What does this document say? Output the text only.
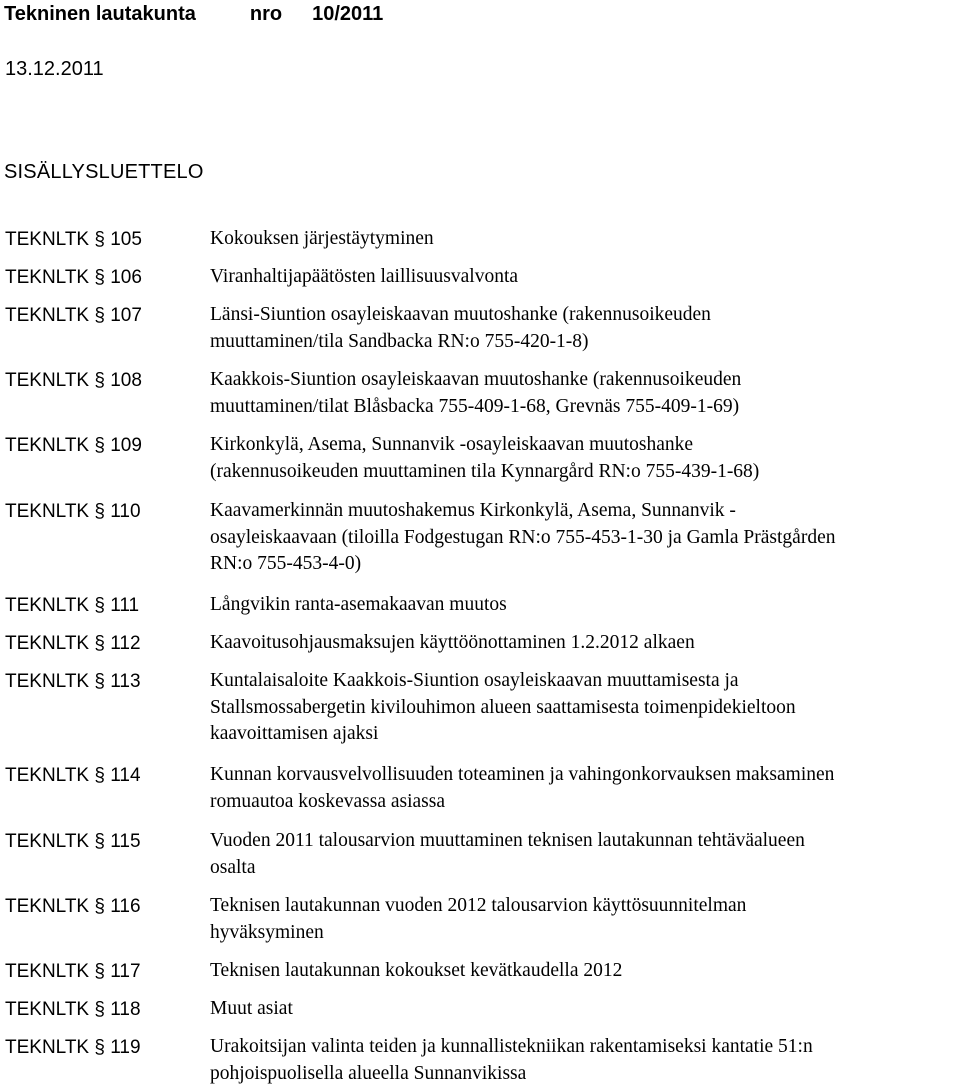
Tekninen lautakunta	nro 10/2011
13.12.2011
SISÄLLYSLUETTELO
TEKNLTK § 105	Kokouksen järjestäytyminen
TEKNLTK § 106	Viranhaltijapäätösten laillisuusvalvonta
TEKNLTK § 107	Länsi-Siuntion osayleiskaavan muutoshanke (rakennusoikeuden
muuttaminen/tila Sandbacka RN:o 755-420-1-8)
TEKNLTK § 108	Kaakkois-Siuntion osayleiskaavan muutoshanke (rakennusoikeuden
muuttaminen/tilat Blåsbacka 755-409-1-68, Grevnäs 755-409-1-69)
TEKNLTK § 109	Kirkonkylä, Asema, Sunnanvik -osayleiskaavan muutoshanke
(rakennusoikeuden muuttaminen tila Kynnargård RN:o 755-439-1-68)
TEKNLTK § 110	Kaavamerkinnän muutoshakemus Kirkonkylä, Asema, Sunnanvik -
osayleiskaavaan (tiloilla Fodgestugan RN:o 755-453-1-30 ja Gamla Prästgården
RN:o 755-453-4-0)
TEKNLTK § 111	Långvikin ranta-asemakaavan muutos
TEKNLTK § 112	Kaavoitusohjausmaksujen käyttöönottaminen 1.2.2012 alkaen
TEKNLTK § 113	Kuntalaisaloite Kaakkois-Siuntion osayleiskaavan muuttamisesta ja
Stallsmossabergetin kivilouhimon alueen saattamisesta toimenpidekieltoon
kaavoittamisen ajaksi
TEKNLTK § 114	Kunnan korvausvelvollisuuden toteaminen ja vahingonkorvauksen maksaminen
romuautoa koskevassa asiassa
TEKNLTK § 115	Vuoden 2011 talousarvion muuttaminen teknisen lautakunnan tehtäväalueen
osalta
TEKNLTK § 116	Teknisen lautakunnan vuoden 2012 talousarvion käyttösuunnitelman
hyväksyminen
TEKNLTK § 117	Teknisen lautakunnan kokoukset kevätkaudella 2012
TEKNLTK § 118	Muut asiat
TEKNLTK § 119	Urakoitsijan valinta teiden ja kunnallistekniikan rakentamiseksi kantatie 51:n
pohjoispuolisella alueella Sunnanvikissa
